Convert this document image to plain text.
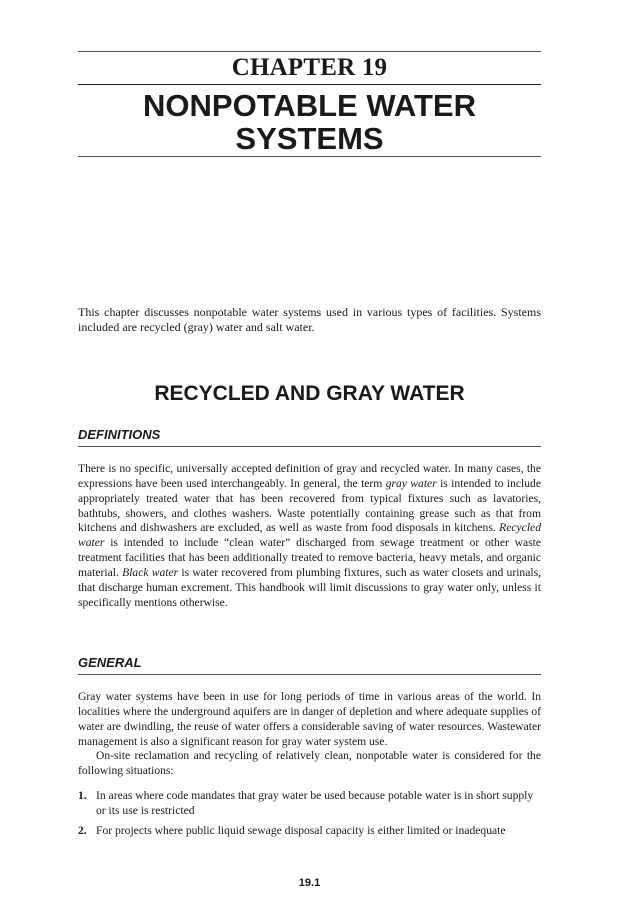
CHAPTER 19
NONPOTABLE WATER
SYSTEMS
This chapter discusses nonpotable water systems used in various types of facilities. Systems included are recycled (gray) water and salt water.
RECYCLED AND GRAY WATER
DEFINITIONS
There is no specific, universally accepted definition of gray and recycled water. In many cases, the expressions have been used interchangeably. In general, the term gray water is intended to include appropriately treated water that has been recovered from typical fixtures such as lavatories, bathtubs, showers, and clothes washers. Waste potentially containing grease such as that from kitchens and dishwashers are excluded, as well as waste from food disposals in kitchens. Recycled water is intended to include “clean water” discharged from sewage treatment or other waste treatment facilities that has been additionally treated to remove bacteria, heavy metals, and organic material. Black water is water recovered from plumbing fixtures, such as water closets and urinals, that discharge human excrement. This handbook will limit discussions to gray water only, unless it specifically mentions otherwise.
GENERAL

Gray water systems have been in use for long periods of time in various areas of the world. In localities where the underground aquifers are in danger of depletion and where adequate supplies of water are dwindling, the reuse of water offers a considerable saving of water resources. Wastewater management is also a significant reason for gray water system use.

On-site reclamation and recycling of relatively clean, nonpotable water is considered for the following situations:

1. In areas where code mandates that gray water be used because potable water is in short supply or its use is restricted
2. For projects where public liquid sewage disposal capacity is either limited or inadequate
19.1
